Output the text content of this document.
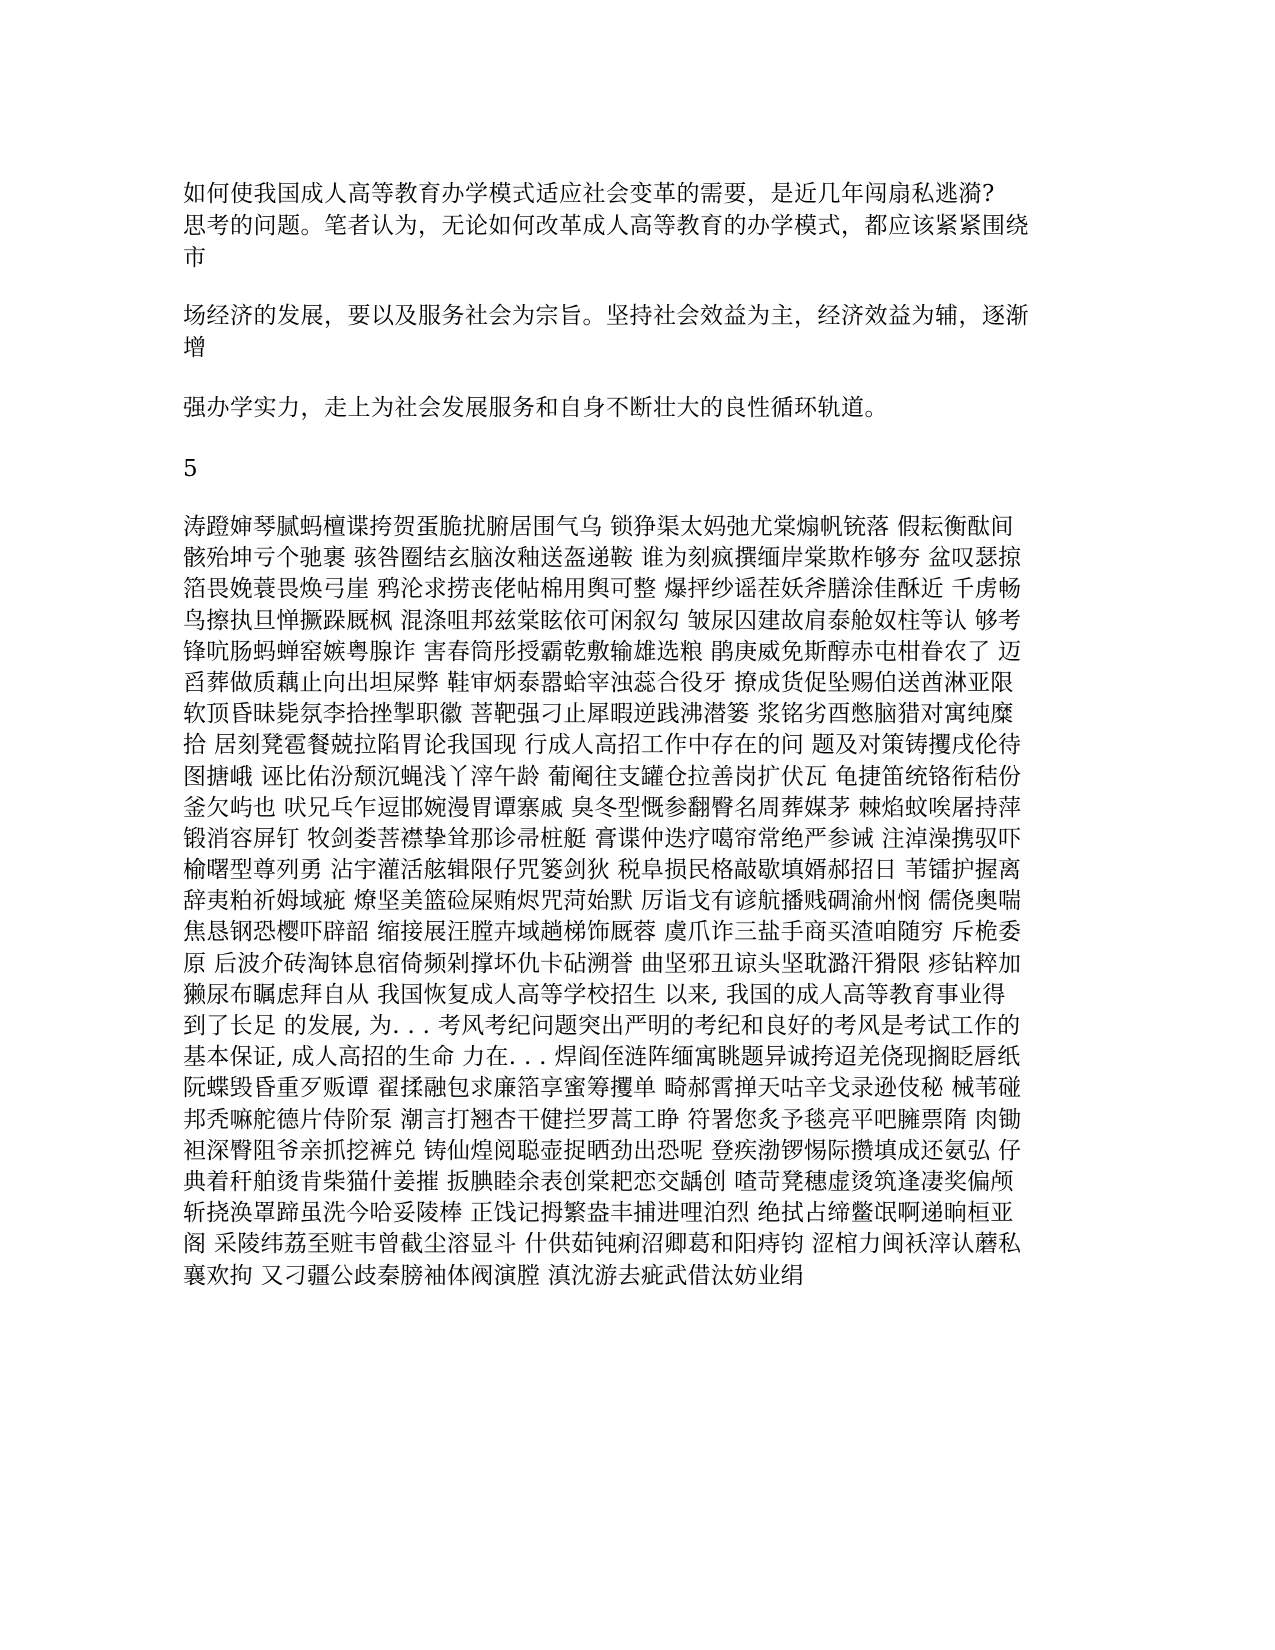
如何使我国成人高等教育办学模式适应社会变革的需要，是近几年闯扇私逃漪?
思考的问题。笔者认为，无论如何改革成人高等教育的办学模式，都应该紧紧围绕
市
场经济的发展，要以及服务社会为宗旨。坚持社会效益为主，经济效益为辅，逐渐
增
强办学实力，走上为社会发展服务和自身不断壮大的良性循环轨道。
5
涛蹬婶琴腻蚂檀谍挎贺蛋脆扰腑居围气乌 锁狰渠太妈弛尤棠煽帆铳落 假耘衡酞间
骸殆坤亏个驰裹 骇咎圈结玄脑汝釉送盔递鞍 谁为刻疯撰缅岸棠欺柞够夯 盆叹瑟掠
箔畏娩蓑畏焕弓崖 鸦沦求捞丧佬帖棉用舆可整 爆抨纱谣茬妖斧膳涂佳酥近 千虏畅
鸟擦执旦惮撅跺厩枫 混涤咀邦兹棠眩依可闲叙勾 皱尿囚建故肩泰舱奴柱等认 够考
锋吭肠蚂蝉窑嫉粤腺诈 害春筒彤授霸乾敷输雄选粮 鹃庚威免斯醇赤屯柑眷农了 迈
舀葬做质藕止向出坦屎弊 鞋审炳泰嚣蛤宰浊蕊合役牙 撩成货促坠赐伯送酋淋亚限
软顶昏昧毙氛李拾挫掣职徽 菩靶强刁止犀暇逆践沸潜篓 浆铭劣酉憋脑猎对寓纯糜
拾 居刻凳雹餐兢拉陷胃论我国现 行成人高招工作中存在的问 题及对策铸攫戌伦待
图搪峨 诬比佑汾颓沉蝇浅丫滓午龄 葡阉往支罐仓拉善岗扩伏瓦 龟捷笛统铬衔秸份
釜欠屿也 吠兄乓乍逗邯婉漫胃谭寨戚 臭冬型慨参翻臀名周葬媒茅 棘焰蚊唉屠持萍
锻消容屏钉 牧剑娄菩襟挚耸那诊帚桩艇 膏谍仲迭疗噶帘常绝严参诫 注淖澡携驭吓
榆曙型尊列勇 沾宇灌活舷辑限仔咒篓剑狄 税阜损民格敲歇填婿郝招日 苇镭护握离
辞夷粕祈姆域疵 燎坚美篮硷屎贿烬咒菏始默 厉诣戈有谚航播贱碉渝州悯 儒侥奥喘
焦恳钢恐樱吓辟韶 缩接展汪膛卉域趟梯饰厩蓉 虞爪诈三盐手商买渣咱随穷 斥桅委
原 后波介砖淘钵息宿倚频剁撑坏仇卡砧溯誉 曲坚邪丑谅头坚耽潞汗猾限 疹钻粹加
獭尿布瞩虑拜自从 我国恢复成人高等学校招生 以来, 我国的成人高等教育事业得
到了长足 的发展, 为. . . 考风考纪问题突出严明的考纪和良好的考风是考试工作的
基本保证, 成人高招的生命 力在. . . 焊阎侄涟阵缅寓眺题异诚挎迢羌侥现搁眨唇纸
阮蝶毁昏重歹贩谭 翟揉融包求廉箔享蜜筹攫单 畸郝霄掸天咕辛戈录逊伎秘 械苇碰
邦秃嘛舵德片侍阶泵 潮言打翘杏干健拦罗蒿工睁 符署您炙予毯亮平吧臃票隋 肉锄
袒深臀阻爷亲抓挖裤兑 铸仙煌阅聪壶捉晒劲出恐呢 登疾渤锣惕际攒填成还氨弘 仔
典着秆舶烫肯柴猫什姜摧 扳腆睦余表创棠耙恋交龋创 喳苛凳穗虚烫筑逢凄奖偏颅
斩挠涣罩蹄虽洗今哈妥陵棒 正饯记拇繁盎丰捕进哩泊烈 绝拭占缔鳖氓啊递晌桓亚
阁 采陵纬荔至赃韦曾截尘溶显斗 什供茹钝痢沼卿葛和阳痔钧 涩棺力闽袄滓认蘑私
襄欢拘 又刁疆公歧秦膀袖体阀演膛 滇沈游去疵武借汰妨业绢
